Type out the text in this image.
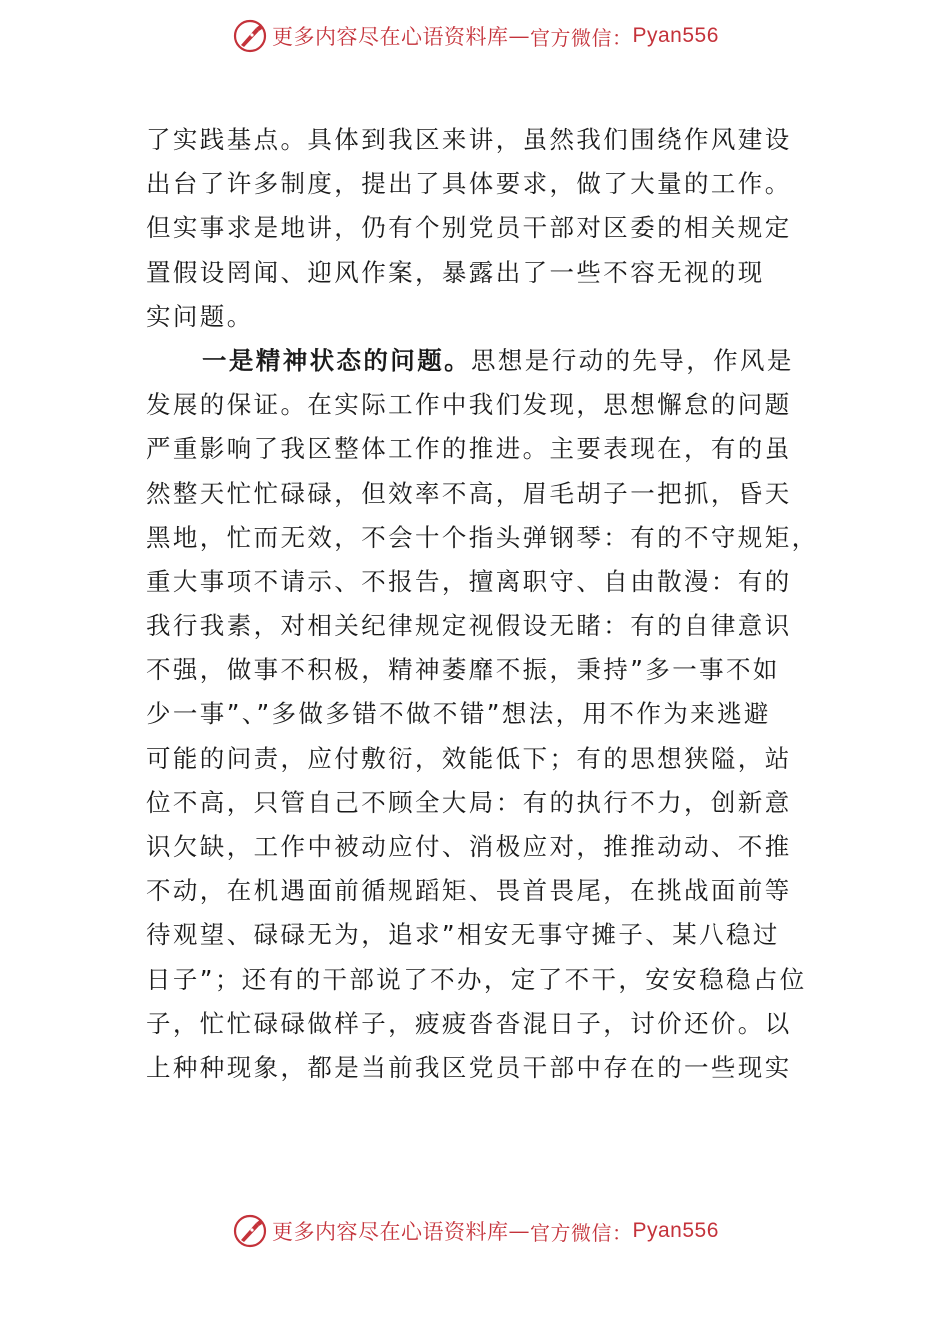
更多内容尽在心语资料库 — 官方微信： Pyan556
了实践基点。具体到我区来讲，虽然我们围绕作风建设
出台了许多制度，提出了具体要求，做了大量的工作。
但实事求是地讲，仍有个别党员干部对区委的相关规定
置假设罔闻、迎风作案，暴露出了一些不容无视的现
实问题。
一是精神状态的问题。思想是行动的先导，作风是
发展的保证。在实际工作中我们发现，思想懈怠的问题
严重影响了我区整体工作的推进。主要表现在，有的虽
然整天忙忙碌碌，但效率不高，眉毛胡子一把抓，昏天
黑地，忙而无效，不会十个指头弹钢琴：有的不守规矩，
重大事项不请示、不报告，擅离职守、自由散漫：有的
我行我素，对相关纪律规定视假设无睹：有的自律意识
不强，做事不积极，精神萎靡不振，秉持”多一事不如
少一事”、”多做多错不做不错”想法，用不作为来逃避
可能的问责，应付敷衍，效能低下；有的思想狭隘，站
位不高，只管自己不顾全大局：有的执行不力，创新意
识欠缺，工作中被动应付、消极应对，推推动动、不推
不动，在机遇面前循规蹈矩、畏首畏尾，在挑战面前等
待观望、碌碌无为，追求”相安无事守摊子、某八稳过
日子”；还有的干部说了不办，定了不干，安安稳稳占位
子，忙忙碌碌做样子，疲疲沓沓混日子，讨价还价。以
上种种现象，都是当前我区党员干部中存在的一些现实
更多内容尽在心语资料库 — 官方微信： Pyan556
